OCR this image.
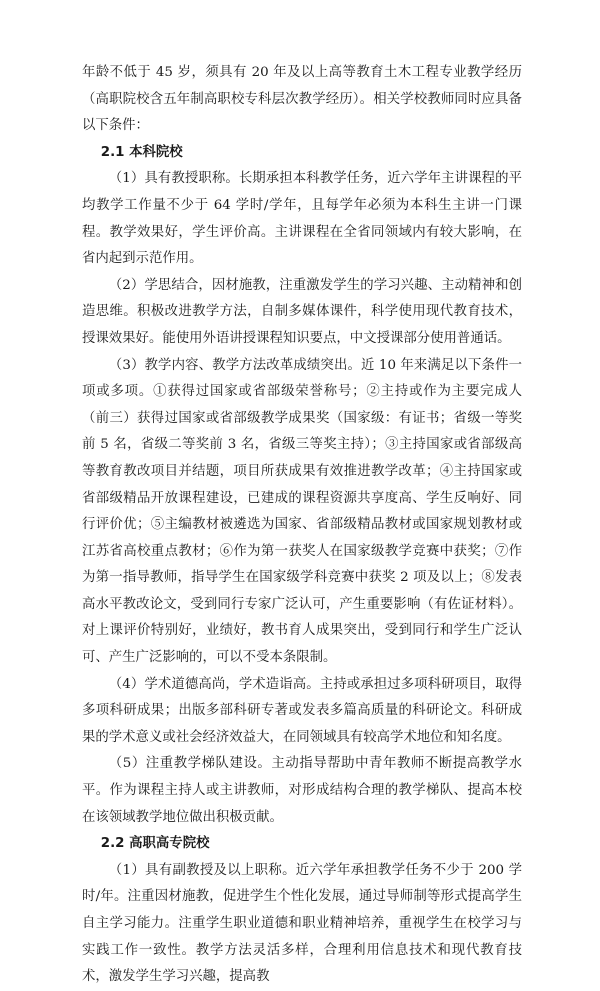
年龄不低于 45 岁，须具有 20 年及以上高等教育土木工程专业教学经历（高职院校含五年制高职校专科层次教学经历）。相关学校教师同时应具备以下条件：

2.1 本科院校

（1）具有教授职称。长期承担本科教学任务，近六学年主讲课程的平均教学工作量不少于 64 学时/学年，且每学年必须为本科生主讲一门课程。教学效果好，学生评价高。主讲课程在全省同领域内有较大影响，在省内起到示范作用。

（2）学思结合，因材施教，注重激发学生的学习兴趣、主动精神和创造思维。积极改进教学方法，自制多媒体课件，科学使用现代教育技术，授课效果好。能使用外语讲授课程知识要点，中文授课部分使用普通话。

（3）教学内容、教学方法改革成绩突出。近 10 年来满足以下条件一项或多项。①获得过国家或省部级荣誉称号；②主持或作为主要完成人（前三）获得过国家或省部级教学成果奖（国家级：有证书；省级一等奖前 5 名，省级二等奖前 3 名，省级三等奖主持）；③主持国家或省部级高等教育教改项目并结题，项目所获成果有效推进教学改革；④主持国家或省部级精品开放课程建设，已建成的课程资源共享度高、学生反响好、同行评价优；⑤主编教材被遴选为国家、省部级精品教材或国家规划教材或江苏省高校重点教材；⑥作为第一获奖人在国家级教学竞赛中获奖；⑦作为第一指导教师，指导学生在国家级学科竞赛中获奖 2 项及以上；⑧发表高水平教改论文，受到同行专家广泛认可，产生重要影响（有佐证材料）。对上课评价特别好，业绩好，教书育人成果突出，受到同行和学生广泛认可、产生广泛影响的，可以不受本条限制。

（4）学术道德高尚，学术造诣高。主持或承担过多项科研项目，取得多项科研成果；出版多部科研专著或发表多篇高质量的科研论文。科研成果的学术意义或社会经济效益大，在同领域具有较高学术地位和知名度。

（5）注重教学梯队建设。主动指导帮助中青年教师不断提高教学水平。作为课程主持人或主讲教师，对形成结构合理的教学梯队、提高本校在该领域教学地位做出积极贡献。

2.2 高职高专院校

（1）具有副教授及以上职称。近六学年承担教学任务不少于 200 学时/年。注重因材施教，促进学生个性化发展，通过导师制等形式提高学生自主学习能力。注重学生职业道德和职业精神培养，重视学生在校学习与实践工作一致性。教学方法灵活多样，合理利用信息技术和现代教育技术，激发学生学习兴趣，提高教
